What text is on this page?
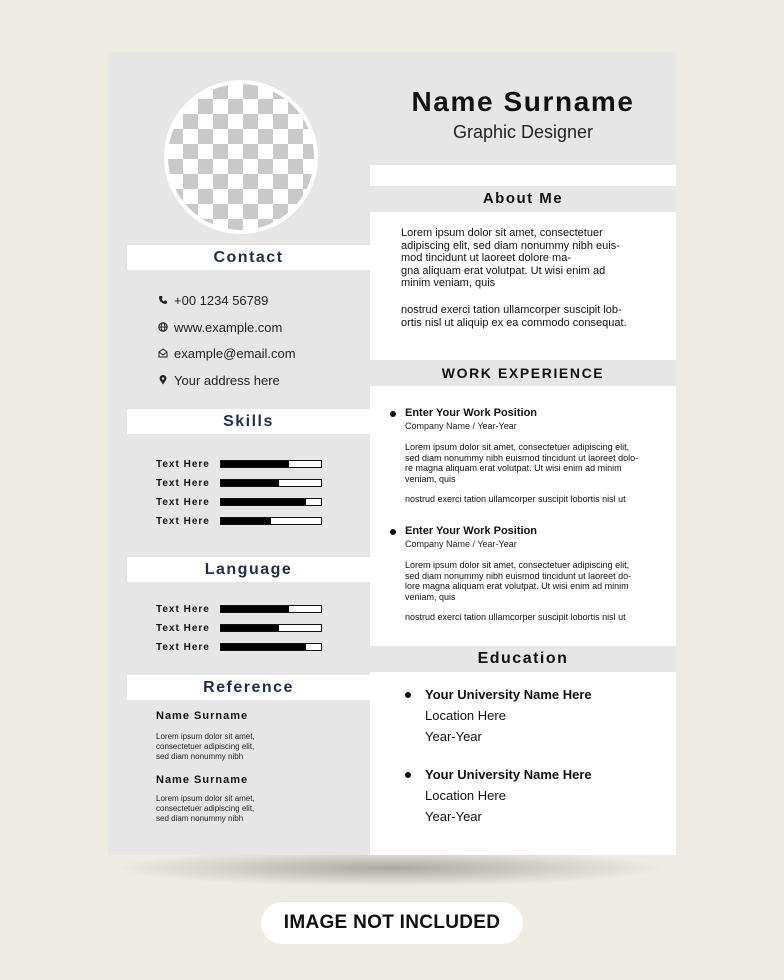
Contact
+00 1234 56789
www.example.com
example@email.com
Your address here
Skills
Text Here
Text Here
Text Here
Text Here
Language
Text Here
Text Here
Text Here
Reference
Name Surname
Lorem ipsum dolor sit amet,
consectetuer adipiscing elit,
sed diam nonummy nibh
Name Surname
Lorem ipsum dolor sit amet,
consectetuer adipiscing elit,
sed diam nonummy nibh
Name Surname
Graphic Designer
About Me
Lorem ipsum dolor sit amet, consectetuer
adipiscing elit, sed diam nonummy nibh euis-
mod tincidunt ut laoreet dolore ma-
gna aliquam erat volutpat. Ut wisi enim ad
minim veniam, quis
nostrud exerci tation ullamcorper suscipit lob-
ortis nisl ut aliquip ex ea commodo consequat.
WORK EXPERIENCE
Enter Your Work Position
Company Name / Year-Year
Lorem ipsum dolor sit amet, consectetuer adipiscing elit,
sed diam nonummy nibh euismod tincidunt ut laoreet dolo-
re magna aliquam erat volutpat. Ut wisi enim ad minim
veniam, quis
nostrud exerci tation ullamcorper suscipit lobortis nisl ut
Enter Your Work Position
Company Name / Year-Year
Lorem ipsum dolor sit amet, consectetuer adipiscing elit,
sed diam nonummy nibh euismod tincidunt ut laoreet do-
lore magna aliquam erat volutpat. Ut wisi enim ad minim
veniam, quis
nostrud exerci tation ullamcorper suscipit lobortis nisl ut
Education
Your University Name Here
Location Here
Year-Year
Your University Name Here
Location Here
Year-Year
IMAGE NOT INCLUDED
